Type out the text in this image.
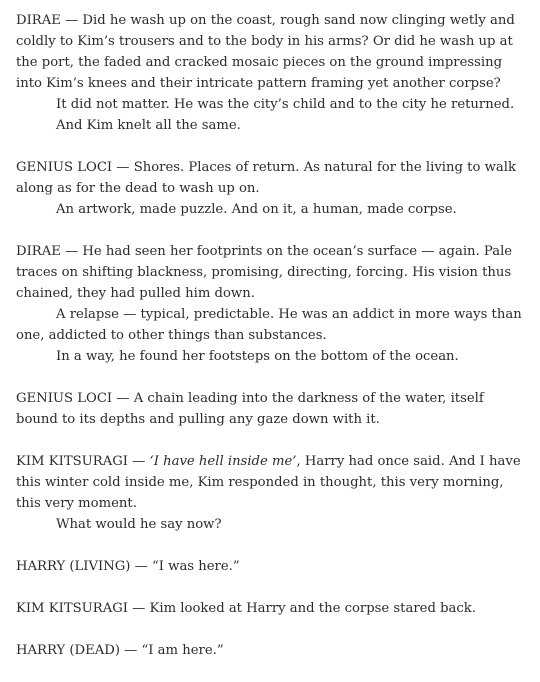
DIRAE — Did he wash up on the coast, rough sand now clinging wetly and coldly to Kim’s trousers and to the body in his arms? Or did he wash up at the port, the faded and cracked mosaic pieces on the ground impressing into Kim’s knees and their intricate pattern framing yet another corpse?

It did not matter. He was the city’s child and to the city he returned.

And Kim knelt all the same.

GENIUS LOCI — Shores. Places of return. As natural for the living to walk along as for the dead to wash up on.

An artwork, made puzzle. And on it, a human, made corpse.

DIRAE — He had seen her footprints on the ocean’s surface — again. Pale traces on shifting blackness, promising, directing, forcing. His vision thus chained, they had pulled him down.

A relapse — typical, predictable. He was an addict in more ways than one, addicted to other things than substances.

In a way, he found her footsteps on the bottom of the ocean.

GENIUS LOCI — A chain leading into the darkness of the water, itself bound to its depths and pulling any gaze down with it.

KIM KITSURAGI — ‘I have hell inside me’, Harry had once said. And I have this winter cold inside me, Kim responded in thought, this very morning, this very moment.

What would he say now?

HARRY (LIVING) — “I was here.”

KIM KITSURAGI — Kim looked at Harry and the corpse stared back.

HARRY (DEAD) — “I am here.”
